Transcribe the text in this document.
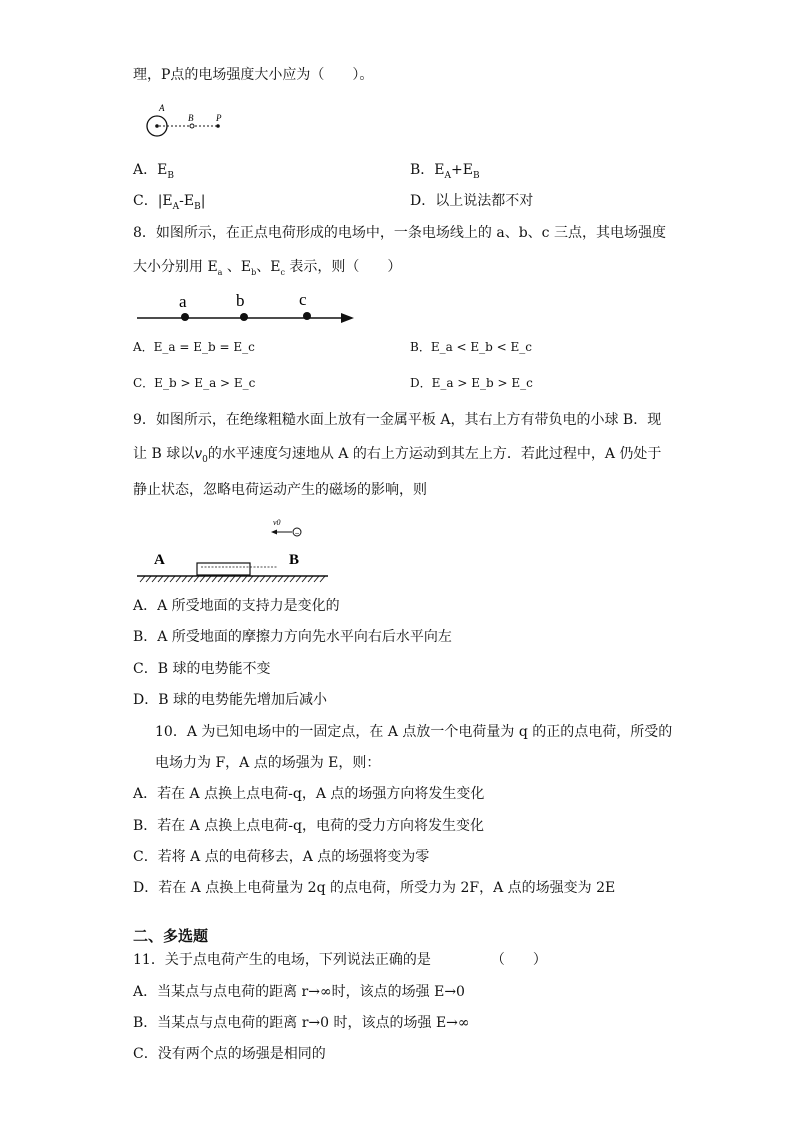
理，P点的电场强度大小应为（　　）。
A
B	P
A．$E_B$	B．$E_A+E_B$
C．$|E_A-E_B|$	D．以上说法都不对
8．如图所示，在正点电荷形成的电场中，一条电场线上的 a、b、c 三点，其电场强度
大小分别用 $E_a$ 、$E_b$、$E_c$ 表示，则（　　）
a	b	c
A．E_a = E_b = E_c	B．E_a < E_b < E_c
C．E_b > E_a > E_c	D．E_a > E_b > E_c
9．如图所示，在绝缘粗糙水面上放有一金属平板 A，其右上方有带负电的小球 B．现
让 B 球以$v_0$的水平速度匀速地从 A 的右上方运动到其左上方．若此过程中，A 仍处于
静止状态，忽略电荷运动产生的磁场的影响，则
v0
−
A	B
A．A 所受地面的支持力是变化的
B．A 所受地面的摩擦力方向先水平向右后水平向左
C．B 球的电势能不变
D．B 球的电势能先增加后减小
10．A 为已知电场中的一固定点，在 A 点放一个电荷量为 q 的正的点电荷，所受的
电场力为 F，A 点的场强为 E，则：
A．若在 A 点换上点电荷-q，A 点的场强方向将发生变化
B．若在 A 点换上点电荷-q，电荷的受力方向将发生变化
C．若将 A 点的电荷移去，A 点的场强将变为零
D．若在 A 点换上电荷量为 2q 的点电荷，所受力为 2F，A 点的场强变为 2E
二、多选题
11．关于点电荷产生的电场，下列说法正确的是	（　　）
A．当某点与点电荷的距离 r→∞时，该点的场强 E→0
B．当某点与点电荷的距离 r→0 时，该点的场强 E→∞
C．没有两个点的场强是相同的
